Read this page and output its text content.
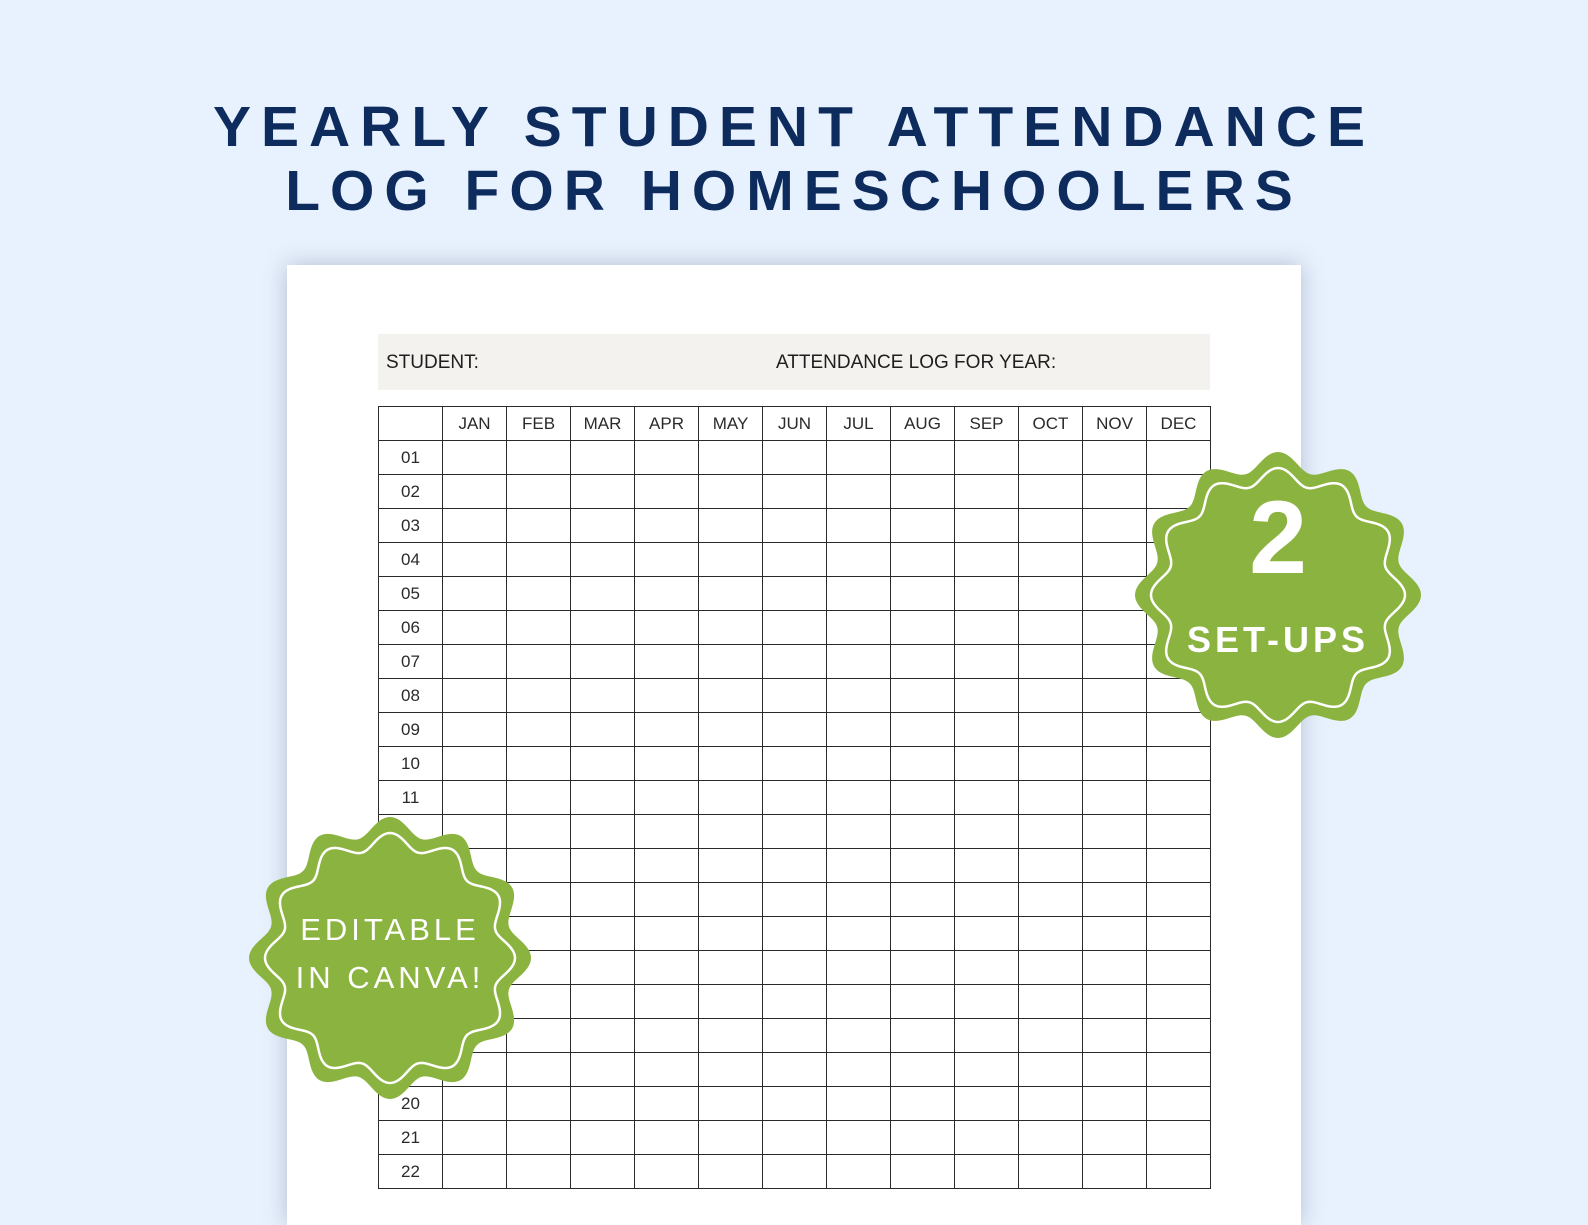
YEARLY STUDENT ATTENDANCE
LOG FOR HOMESCHOOLERS
STUDENT:	ATTENDANCE LOG FOR YEAR:
	JAN	FEB	MAR	APR	MAY	JUN	JUL	AUG	SEP	OCT	NOV	DEC
01												
02												
03												
04												
05												
06												
07												
08												
09												
10												
11												

20												
21												
22												
2
SET-UPS
EDITABLE
IN CANVA!
